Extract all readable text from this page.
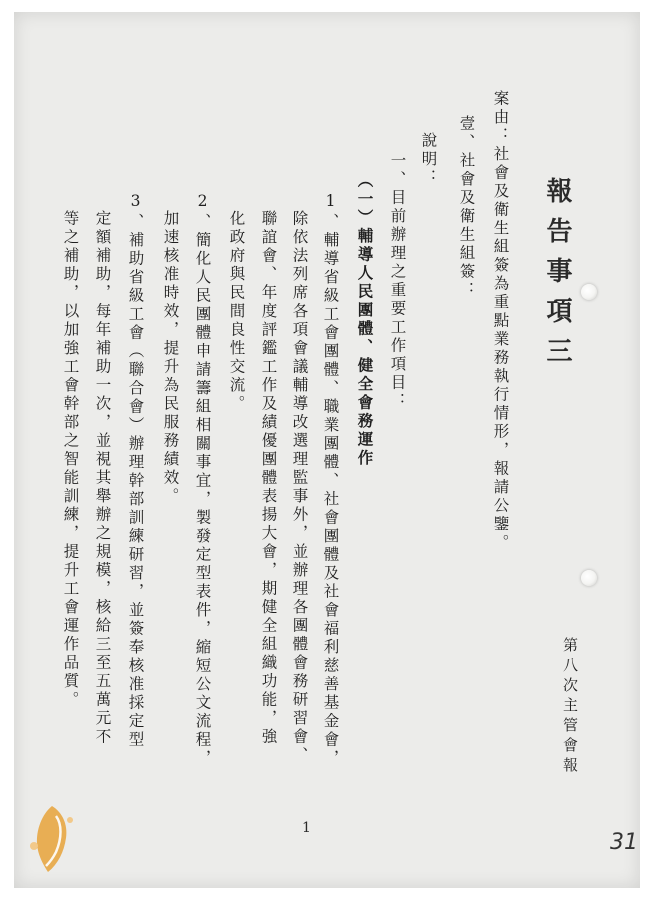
報告事項三
案由：社會及衛生組簽為重點業務執行情形，報請公鑒。
壹、社會及衛生組簽：
說明：
一、目前辦理之重要工作項目：
（一）輔導人民團體、健全會務運作
1、輔導省級工會團體、職業團體、社會團體及社會福利慈善基金會，
除依法列席各項會議輔導改選理監事外，並辦理各團體會務研習會、
聯誼會、年度評鑑工作及績優團體表揚大會，期健全組織功能，強
化政府與民間良性交流。
2、簡化人民團體申請籌組相關事宜，製發定型表件，縮短公文流程，
加速核准時效，提升為民服務績效。
3、補助省級工會（聯合會）辦理幹部訓練研習，並簽奉核准採定型
定額補助，每年補助一次，並視其舉辦之規模，核給三至五萬元不
等之補助，以加強工會幹部之智能訓練，提升工會運作品質。	第八次主管會報
1
31
